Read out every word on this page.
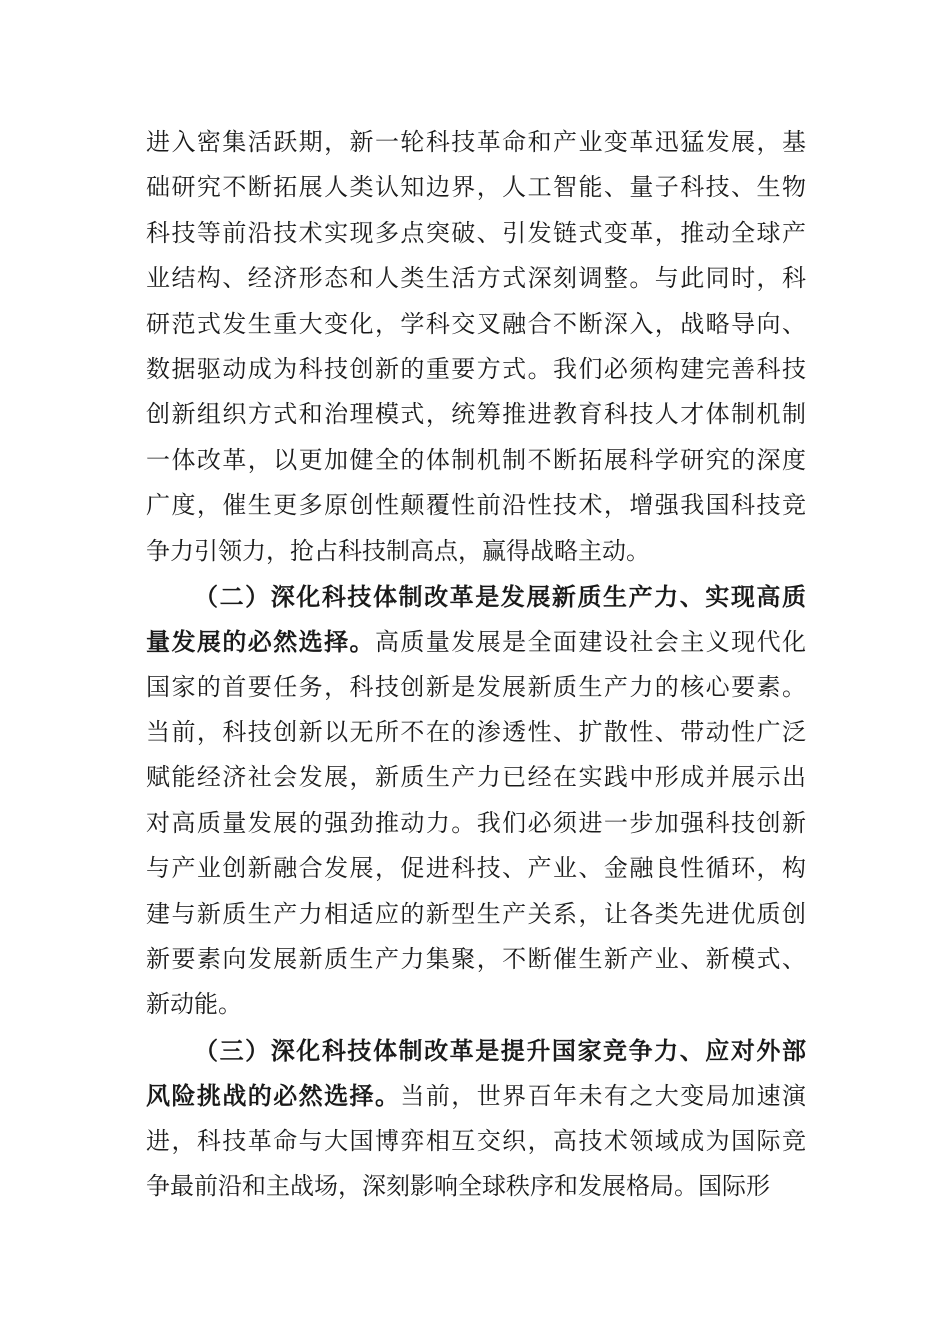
进入密集活跃期，新一轮科技革命和产业变革迅猛发展，基
础研究不断拓展人类认知边界，人工智能、量子科技、生物
科技等前沿技术实现多点突破、引发链式变革，推动全球产
业结构、经济形态和人类生活方式深刻调整。与此同时，科
研范式发生重大变化，学科交叉融合不断深入，战略导向、
数据驱动成为科技创新的重要方式。我们必须构建完善科技
创新组织方式和治理模式，统筹推进教育科技人才体制机制
一体改革，以更加健全的体制机制不断拓展科学研究的深度
广度，催生更多原创性颠覆性前沿性技术，增强我国科技竞
争力引领力，抢占科技制高点，赢得战略主动。
（二）深化科技体制改革是发展新质生产力、实现高质
量发展的必然选择。高质量发展是全面建设社会主义现代化
国家的首要任务，科技创新是发展新质生产力的核心要素。
当前，科技创新以无所不在的渗透性、扩散性、带动性广泛
赋能经济社会发展，新质生产力已经在实践中形成并展示出
对高质量发展的强劲推动力。我们必须进一步加强科技创新
与产业创新融合发展，促进科技、产业、金融良性循环，构
建与新质生产力相适应的新型生产关系，让各类先进优质创
新要素向发展新质生产力集聚，不断催生新产业、新模式、
新动能。
（三）深化科技体制改革是提升国家竞争力、应对外部
风险挑战的必然选择。当前，世界百年未有之大变局加速演
进，科技革命与大国博弈相互交织，高技术领域成为国际竞
争最前沿和主战场，深刻影响全球秩序和发展格局。国际形
